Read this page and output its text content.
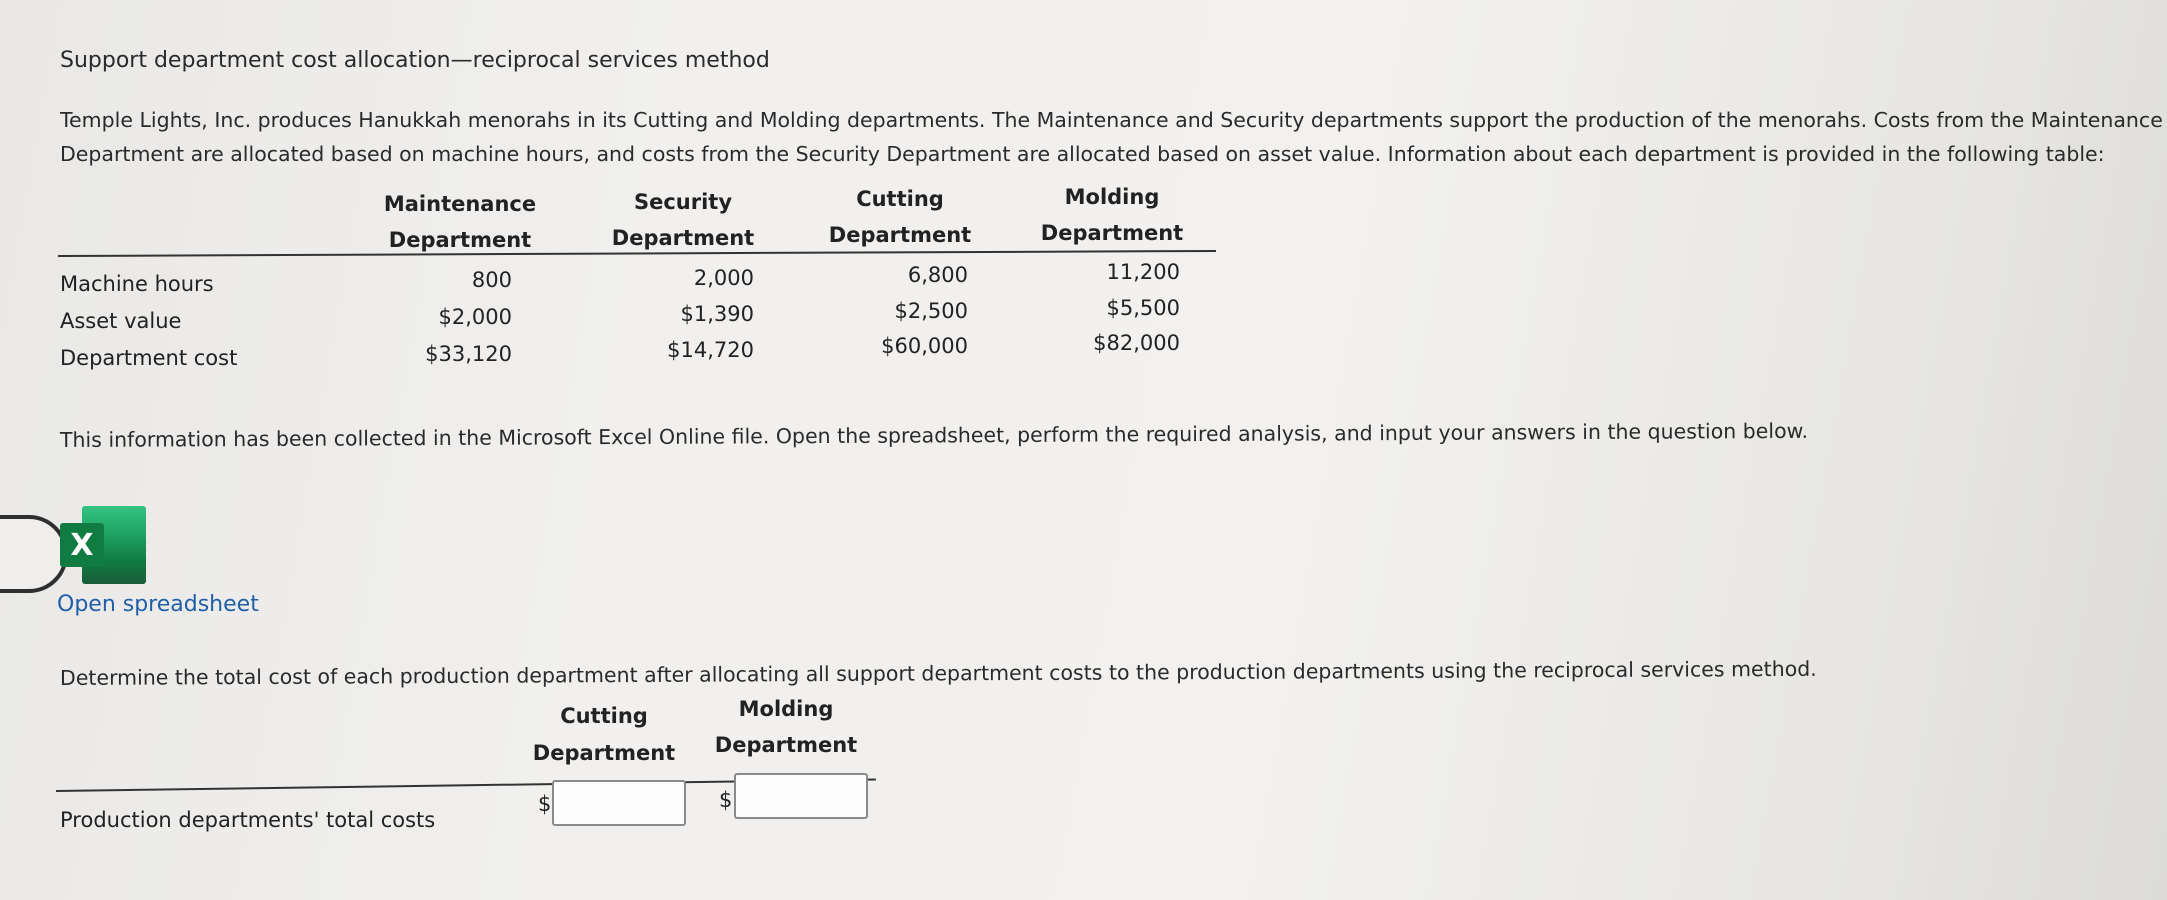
Support department cost allocation—reciprocal services method
Temple Lights, Inc. produces Hanukkah menorahs in its Cutting and Molding departments. The Maintenance and Security departments support the production of the menorahs. Costs from the Maintenance
Department are allocated based on machine hours, and costs from the Security Department are allocated based on asset value. Information about each department is provided in the following table:
Maintenance
Department
Security
Department
Cutting
Department
Molding
Department
Machine hours	800	2,000	6,800	11,200
Asset value	$2,000	$1,390	$2,500	$5,500
Department cost	$33,120	$14,720	$60,000	$82,000
This information has been collected in the Microsoft Excel Online file. Open the spreadsheet, perform the required analysis, and input your answers in the question below.
X
Open spreadsheet
Determine the total cost of each production department after allocating all support department costs to the production departments using the reciprocal services method.
Cutting
Department
Molding
Department
Production departments' total costs
$	$
